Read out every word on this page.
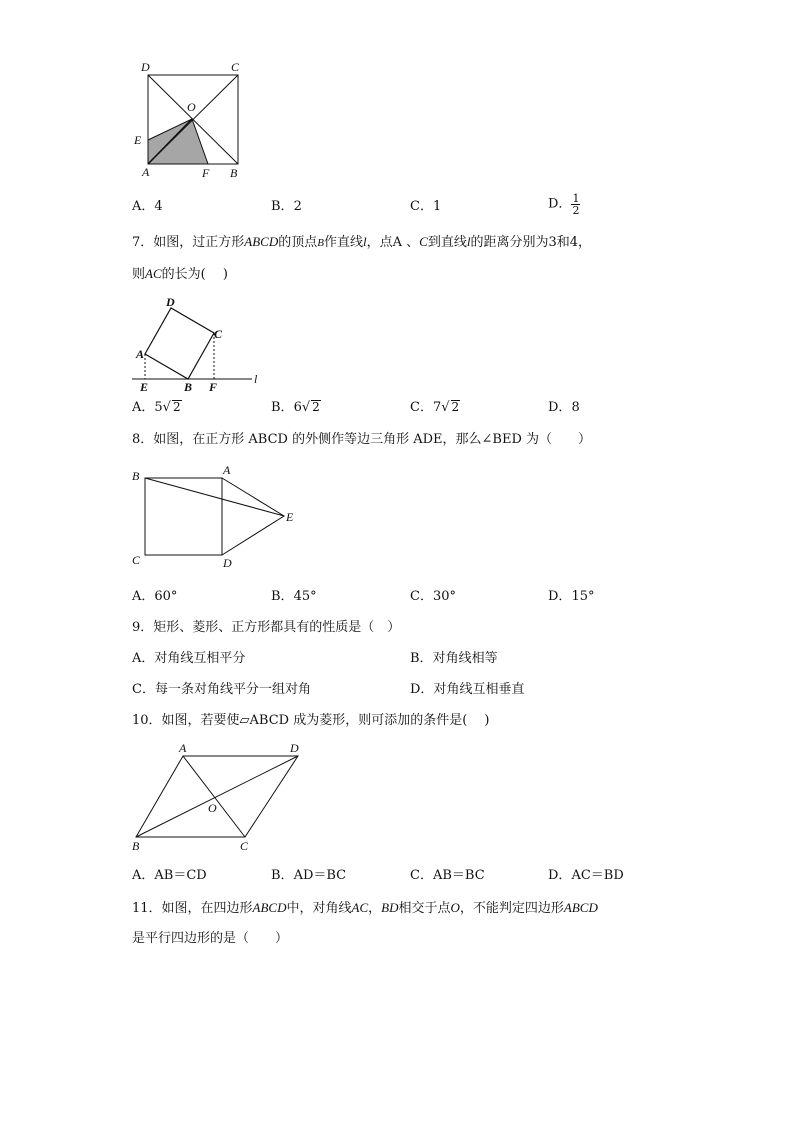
D	C
O
E
A	F B
A．4	B．2	C．1	D． $\frac{1}{2}$
7．如图，过正方形ABCD的顶点B作直线l，点A 、C到直线l的距离分别为3和4，
则AC的长为(　 )
D
C
A
E	B F
l
A．5√ 2	B．6√ 2	C．7√ 2	D．8
8．如图，在正方形 ABCD 的外侧作等边三角形 ADE，那么∠BED 为（　　）
B	A
E
C	D
A．60°	B．45°	C．30°	D．15°
9．矩形、菱形、正方形都具有的性质是（　）
A．对角线互相平分	B．对角线相等
C．每一条对角线平分一组对角	D．对角线互相垂直
10．如图，若要使▱ABCD 成为菱形，则可添加的条件是(　 )
A	D
O
B	C
A．AB＝CD	B．AD＝BC	C．AB＝BC	D．AC＝BD
11．如图，在四边形ABCD中，对角线AC，BD相交于点O，不能判定四边形ABCD
是平行四边形的是（　　）
